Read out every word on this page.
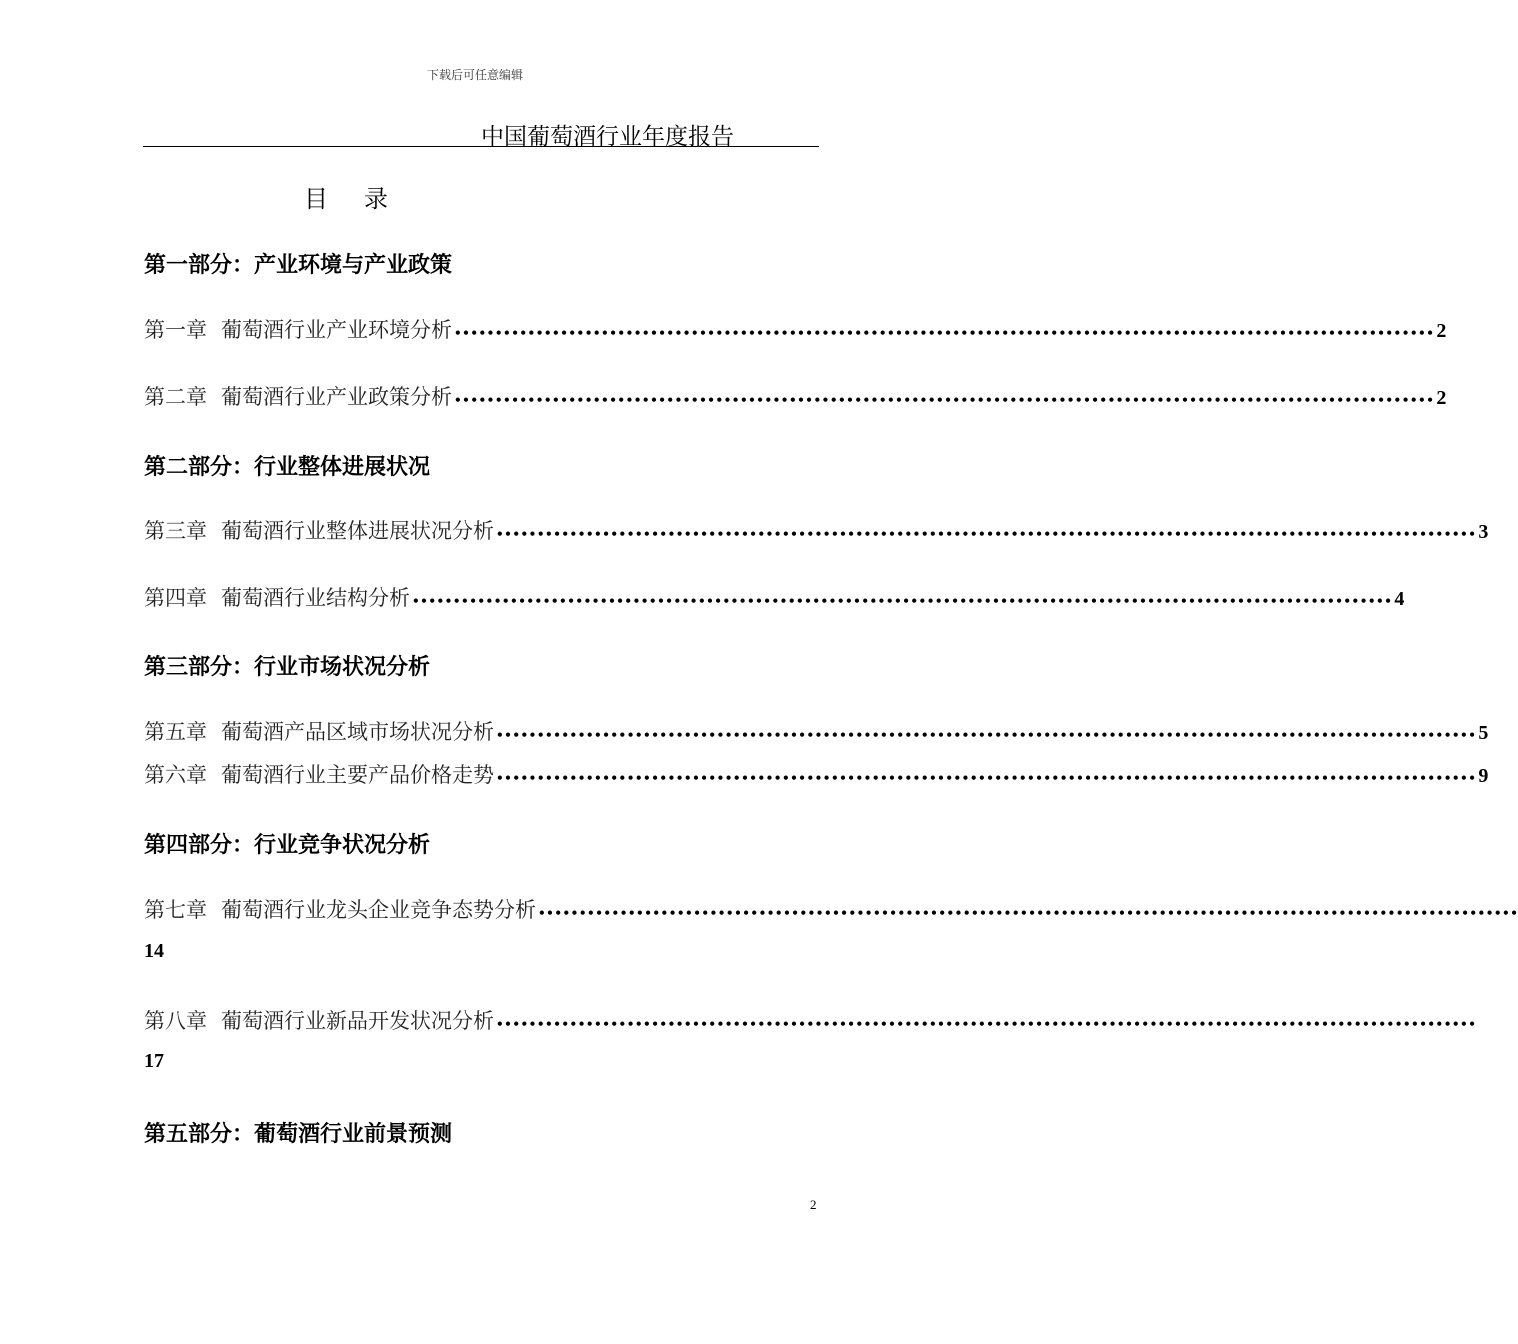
下载后可任意编辑
中国葡萄酒行业年度报告
目录
第一部分：产业环境与产业政策
第一章 葡萄酒行业产业环境分析 •••••••••••••••••••••••••••••••••••••••••••••••••••••••••••••••••••••••••••••••••••••••••••••••••••••••••••••••••••••••• 2
第二章 葡萄酒行业产业政策分析 •••••••••••••••••••••••••••••••••••••••••••••••••••••••••••••••••••••••••••••••••••••••••••••••••••••••••••••••••••••••• 2
第二部分：行业整体进展状况
第三章 葡萄酒行业整体进展状况分析 •••••••••••••••••••••••••••••••••••••••••••••••••••••••••••••••••••••••••••••••••••••••••••••••••••••••••••••••••••••••• 3
第四章 葡萄酒行业结构分析 •••••••••••••••••••••••••••••••••••••••••••••••••••••••••••••••••••••••••••••••••••••••••••••••••••••••••••••••••••••••• 4
第三部分：行业市场状况分析
第五章 葡萄酒产品区域市场状况分析 •••••••••••••••••••••••••••••••••••••••••••••••••••••••••••••••••••••••••••••••••••••••••••••••••••••••••••••••••••••••• 5
第六章 葡萄酒行业主要产品价格走势 •••••••••••••••••••••••••••••••••••••••••••••••••••••••••••••••••••••••••••••••••••••••••••••••••••••••••••••••••••••••• 9
第四部分：行业竞争状况分析
第七章 葡萄酒行业龙头企业竞争态势分析 ••••••••••••••••••••••••••••••••••••••••••••••••••••••••••••••••••••••••••••••••••••••••••••••••••••••••••••••••••••••••
14
第八章 葡萄酒行业新品开发状况分析 ••••••••••••••••••••••••••••••••••••••••••••••••••••••••••••••••••••••••••••••••••••••••••••••••••••••••••••••••••••••••
17
第五部分：葡萄酒行业前景预测
2
